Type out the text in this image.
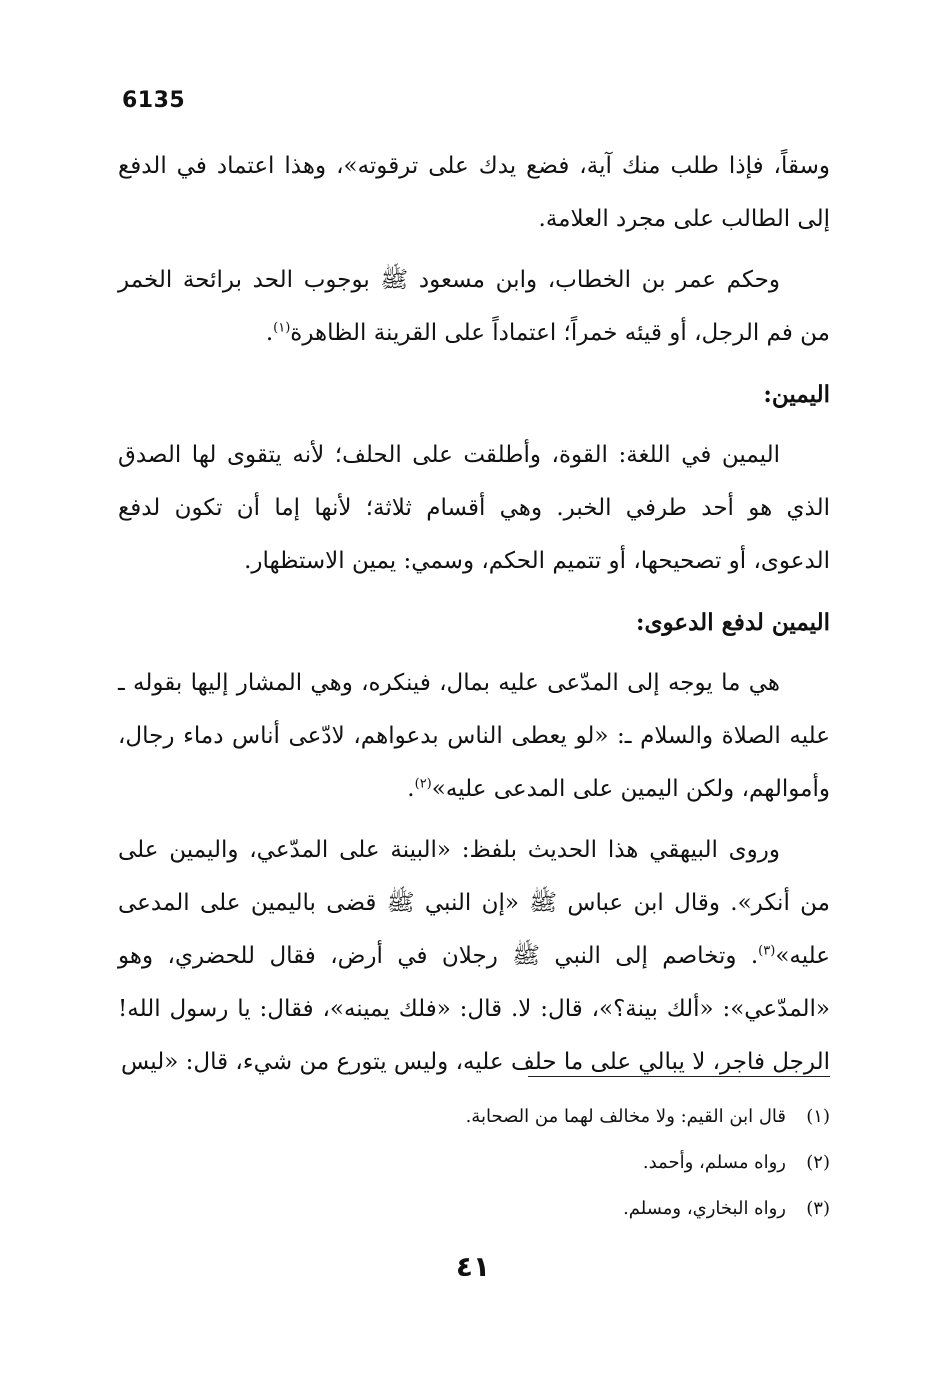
6135

وسقاً، فإذا طلب منك آية، فضع يدك على ترقوته»، وهذا اعتماد في الدفع إلى الطالب على مجرد العلامة.

وحكم عمر بن الخطاب، وابن مسعود ﷺ بوجوب الحد برائحة الخمر من فم الرجل، أو قيئه خمراً؛ اعتماداً على القرينة الظاهرة$^{(١)}$.

اليمين:

اليمين في اللغة: القوة، وأطلقت على الحلف؛ لأنه يتقوى لها الصدق الذي هو أحد طرفي الخبر. وهي أقسام ثلاثة؛ لأنها إما أن تكون لدفع الدعوى، أو تصحيحها، أو تتميم الحكم، وسمي: يمين الاستظهار.

اليمين لدفع الدعوى:

هي ما يوجه إلى المدّعى عليه بمال، فينكره، وهي المشار إليها بقوله ـ عليه الصلاة والسلام ـ: «لو يعطى الناس بدعواهم، لادّعى أناس دماء رجال، وأموالهم، ولكن اليمين على المدعى عليه»$^{(٢)}$.

وروى البيهقي هذا الحديث بلفظ: «البينة على المدّعي، واليمين على من أنكر». وقال ابن عباس ﷺ «إن النبي ﷺ قضى باليمين على المدعى عليه»$^{(٣)}$. وتخاصم إلى النبي ﷺ رجلان في أرض، فقال للحضري، وهو «المدّعي»: «ألك بينة؟»، قال: لا. قال: «فلك يمينه»، فقال: يا رسول الله! الرجل فاجر، لا يبالي على ما حلف عليه، وليس يتورع من شيء، قال: «ليس

(١)
قال ابن القيم: ولا مخالف لهما من الصحابة.
(٢)
رواه مسلم، وأحمد.
(٣)
رواه البخاري، ومسلم.
٤١
